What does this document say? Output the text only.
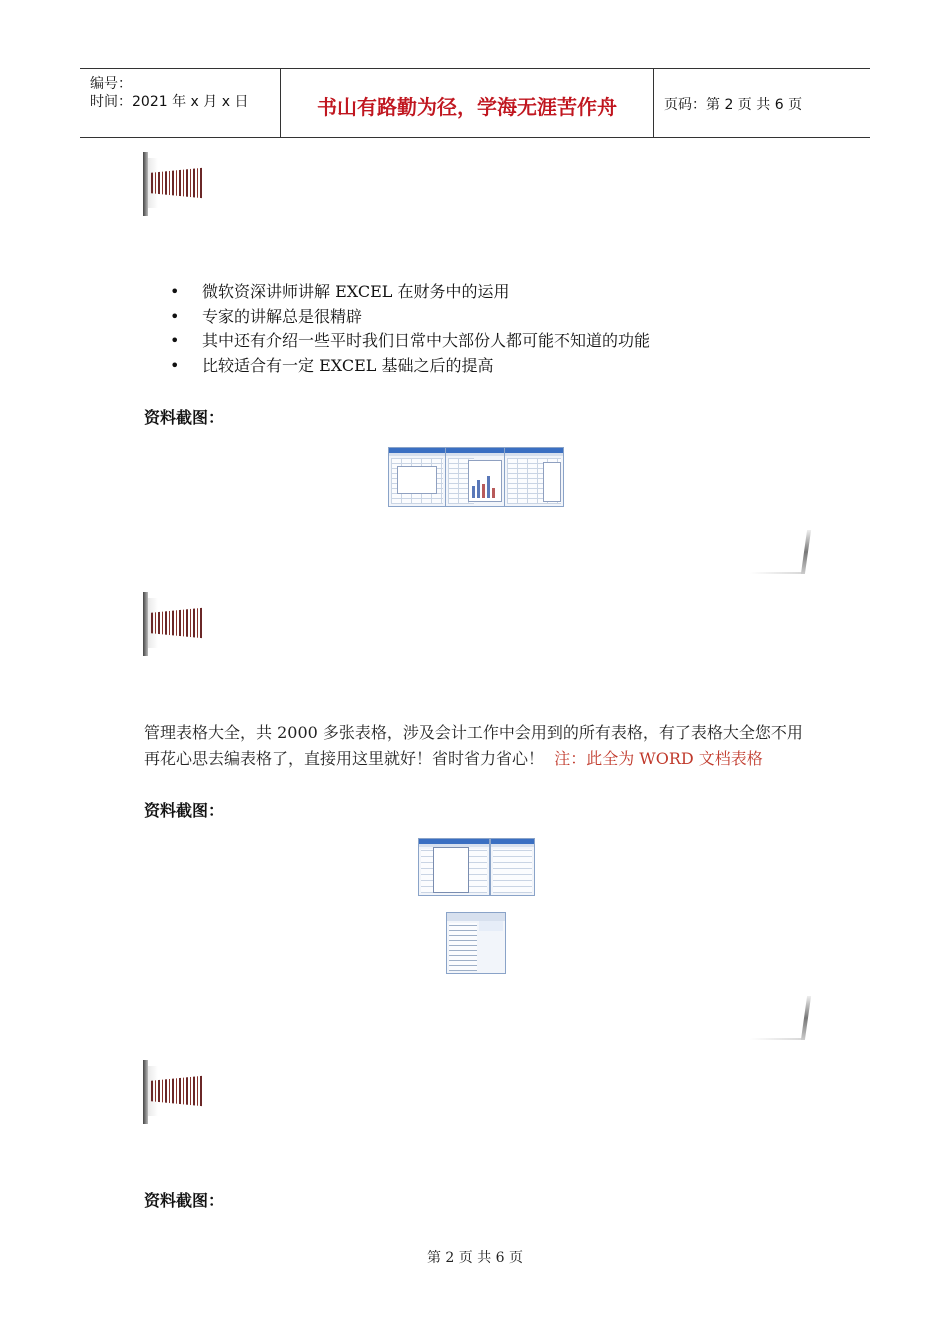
编号：
时间：2021 年 x 月 x 日	书山有路勤为径，学海无涯苦作舟	页码：第 2 页 共 6 页
• 微软资深讲师讲解 EXCEL 在财务中的运用
• 专家的讲解总是很精辟
• 其中还有介绍一些平时我们日常中大部份人都可能不知道的功能
• 比较适合有一定 EXCEL 基础之后的提高
资料截图：
管理表格大全，共 2000 多张表格，涉及会计工作中会用到的所有表格，有了表格大全您不用再花心思去编表格了，直接用这里就好！省时省力省心！ 注：此全为 WORD 文档表格
资料截图：
资料截图：
第 2 页 共 6 页
